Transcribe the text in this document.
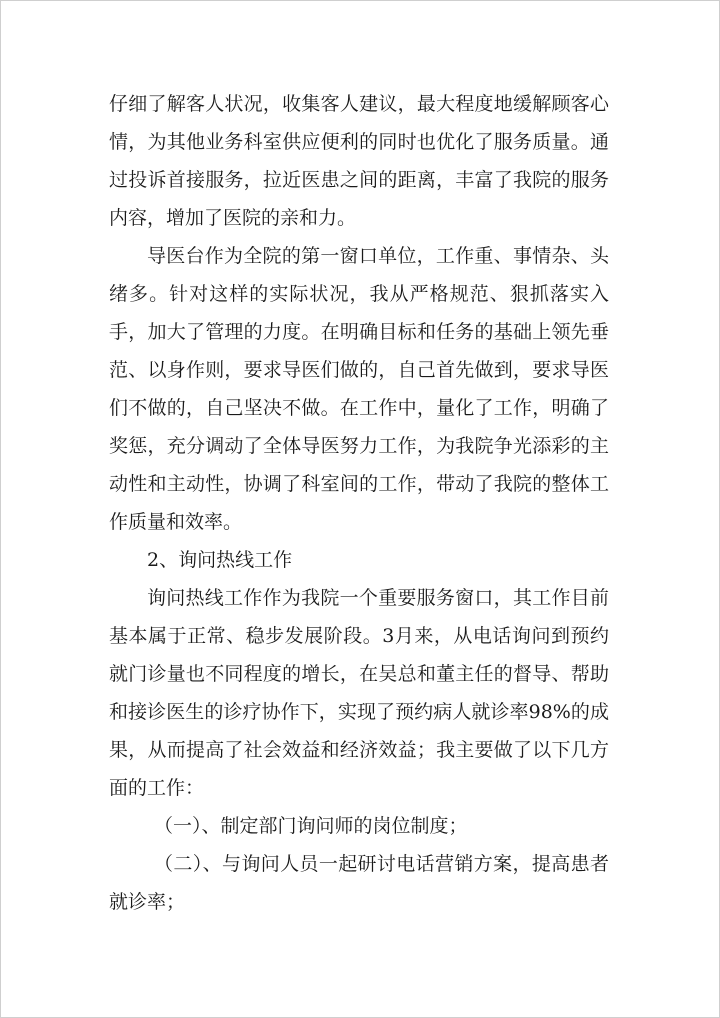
仔细了解客人状况，收集客人建议，最大程度地缓解顾客心情，为其他业务科室供应便利的同时也优化了服务质量。通过投诉首接服务，拉近医患之间的距离，丰富了我院的服务内容，增加了医院的亲和力。

导医台作为全院的第一窗口单位，工作重、事情杂、头绪多。针对这样的实际状况，我从严格规范、狠抓落实入手，加大了管理的力度。在明确目标和任务的基础上领先垂范、以身作则，要求导医们做的，自己首先做到，要求导医们不做的，自己坚决不做。在工作中，量化了工作，明确了奖惩，充分调动了全体导医努力工作，为我院争光添彩的主动性和主动性，协调了科室间的工作，带动了我院的整体工作质量和效率。

2、询问热线工作

询问热线工作作为我院一个重要服务窗口，其工作目前基本属于正常、稳步发展阶段。3月来，从电话询问到预约就门诊量也不同程度的增长，在吴总和董主任的督导、帮助和接诊医生的诊疗协作下，实现了预约病人就诊率98%的成果，从而提高了社会效益和经济效益；我主要做了以下几方面的工作：

（一）、制定部门询问师的岗位制度；

（二）、与询问人员一起研讨电话营销方案，提高患者就诊率；
